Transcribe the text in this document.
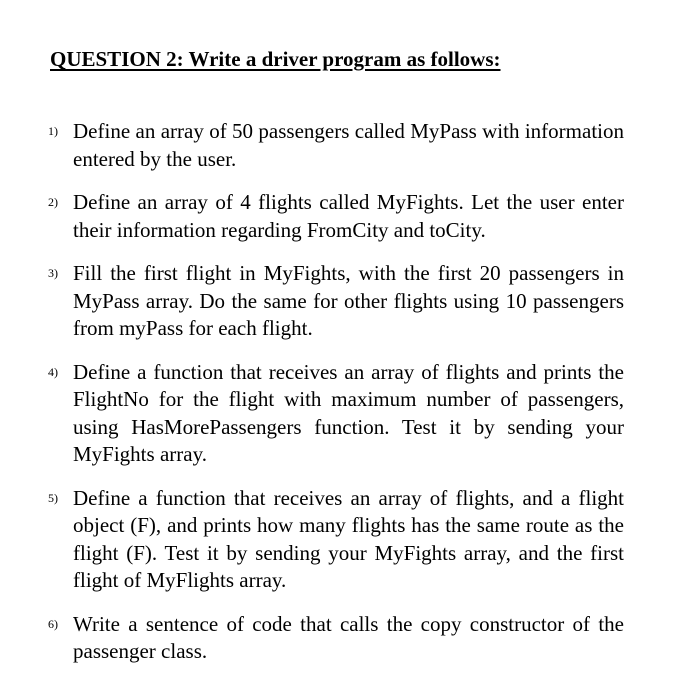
QUESTION 2: Write a driver program as follows:
1) Define an array of 50 passengers called MyPass with information entered by the user.
2) Define an array of 4 flights called MyFights. Let the user enter their information regarding FromCity and toCity.
3) Fill the first flight in MyFights, with the first 20 passengers in MyPass array. Do the same for other flights using 10 passengers from myPass for each flight.
4) Define a function that receives an array of flights and prints the FlightNo for the flight with maximum number of passengers, using HasMorePassengers function. Test it by sending your MyFights array.
5) Define a function that receives an array of flights, and a flight object (F), and prints how many flights has the same route as the flight (F). Test it by sending your MyFights array, and the first flight of MyFlights array.
6) Write a sentence of code that calls the copy constructor of the passenger class.
